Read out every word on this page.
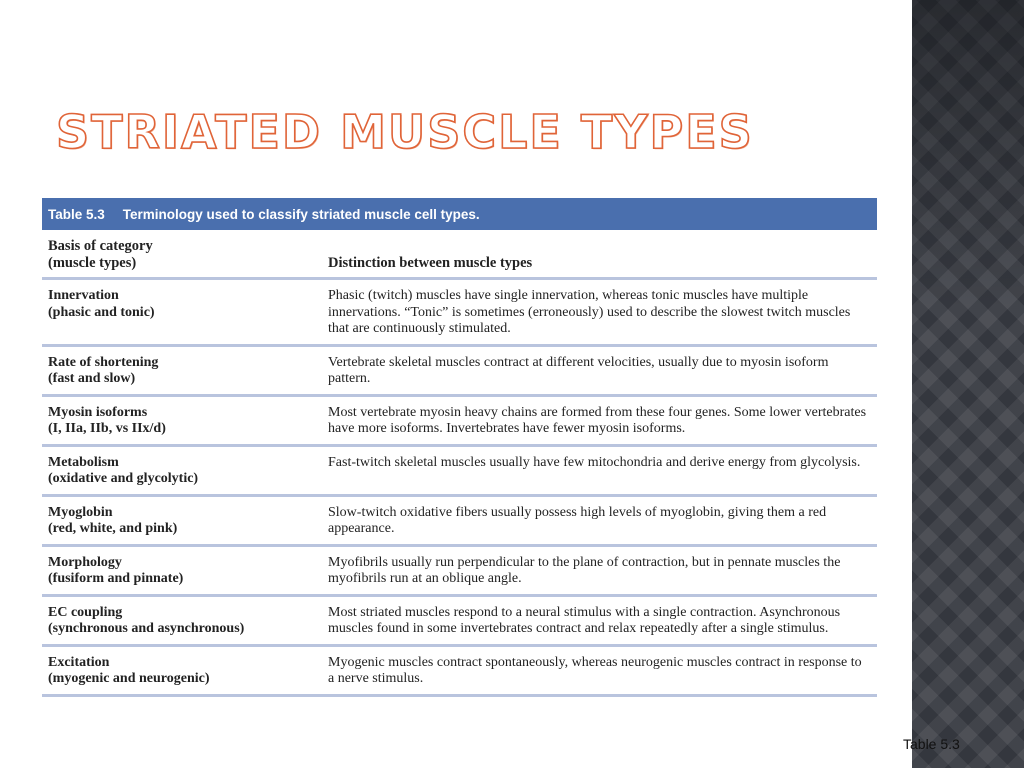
STRIATED MUSCLE TYPES
Table 5.3 Terminology used to classify striated muscle cell types.
Basis of category
(muscle types)	Distinction between muscle types

Innervation
(phasic and tonic)	Phasic (twitch) muscles have single innervation, whereas tonic muscles have multiple innervations. “Tonic” is sometimes (erroneously) used to describe the slowest twitch muscles that are continuously stimulated.

Rate of shortening
(fast and slow)	Vertebrate skeletal muscles contract at different velocities, usually due to myosin isoform pattern.

Myosin isoforms
(I, IIa, IIb, vs IIx/d)	Most vertebrate myosin heavy chains are formed from these four genes. Some lower vertebrates have more isoforms. Invertebrates have fewer myosin isoforms.

Metabolism
(oxidative and glycolytic)	Fast-twitch skeletal muscles usually have few mitochondria and derive energy from glycolysis.

Myoglobin
(red, white, and pink)	Slow-twitch oxidative fibers usually possess high levels of myoglobin, giving them a red appearance.

Morphology
(fusiform and pinnate)	Myofibrils usually run perpendicular to the plane of contraction, but in pennate muscles the myofibrils run at an oblique angle.

EC coupling
(synchronous and asynchronous)	Most striated muscles respond to a neural stimulus with a single contraction. Asynchronous muscles found in some invertebrates contract and relax repeatedly after a single stimulus.

Excitation
(myogenic and neurogenic)	Myogenic muscles contract spontaneously, whereas neurogenic muscles contract in response to a nerve stimulus.
Table 5.3
